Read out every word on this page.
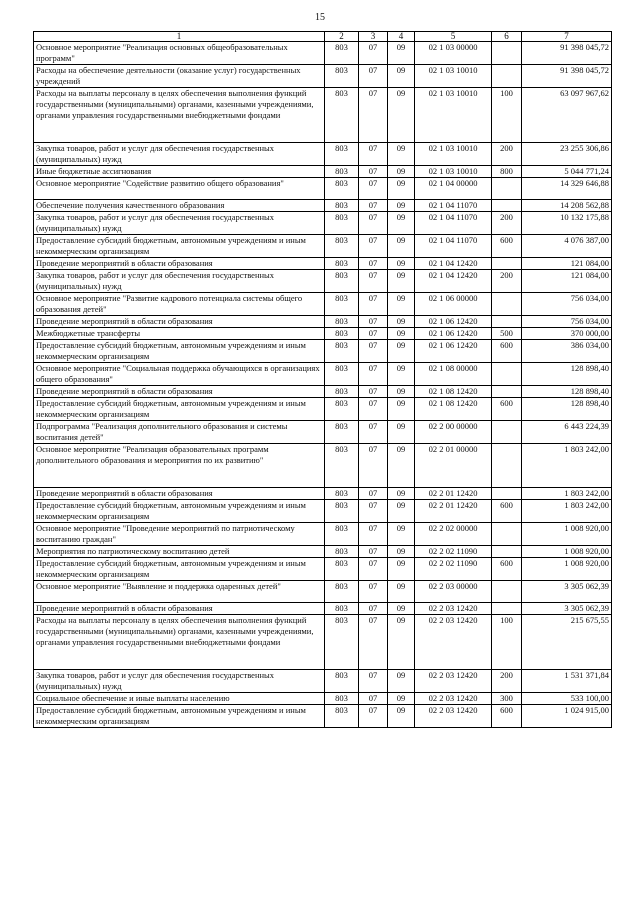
15
1	2	3	4	5	6	7
Основное мероприятие "Реализация основных общеобразовательных программ"	803	07	09	02 1 03 00000		91 398 045,72
Расходы на обеспечение деятельности (оказание услуг) государственных учреждений	803	07	09	02 1 03 10010		91 398 045,72
Расходы на выплаты персоналу в целях обеспечения выполнения функций государственными (муниципальными) органами, казенными учреждениями, органами управления государственными внебюджетными фондами	803	07	09	02 1 03 10010	100	63 097 967,62
Закупка товаров, работ и услуг для обеспечения государственных (муниципальных) нужд	803	07	09	02 1 03 10010	200	23 255 306,86
Иные бюджетные ассигнования	803	07	09	02 1 03 10010	800	5 044 771,24
Основное мероприятие "Содействие развитию общего образования"	803	07	09	02 1 04 00000		14 329 646,88
Обеспечение получения качественного образования	803	07	09	02 1 04 11070		14 208 562,88
Закупка товаров, работ и услуг для обеспечения государственных (муниципальных) нужд	803	07	09	02 1 04 11070	200	10 132 175,88
Предоставление субсидий бюджетным, автономным учреждениям и иным некоммерческим организациям	803	07	09	02 1 04 11070	600	4 076 387,00
Проведение мероприятий в области образования	803	07	09	02 1 04 12420		121 084,00
Закупка товаров, работ и услуг для обеспечения государственных (муниципальных) нужд	803	07	09	02 1 04 12420	200	121 084,00
Основное мероприятие "Развитие кадрового потенциала системы общего образования детей"	803	07	09	02 1 06 00000		756 034,00
Проведение мероприятий в области образования	803	07	09	02 1 06 12420		756 034,00
Межбюджетные трансферты	803	07	09	02 1 06 12420	500	370 000,00
Предоставление субсидий бюджетным, автономным учреждениям и иным некоммерческим организациям	803	07	09	02 1 06 12420	600	386 034,00
Основное мероприятие "Социальная поддержка обучающихся в организациях общего образования"	803	07	09	02 1 08 00000		128 898,40
Проведение мероприятий в области образования	803	07	09	02 1 08 12420		128 898,40
Предоставление субсидий бюджетным, автономным учреждениям и иным некоммерческим организациям	803	07	09	02 1 08 12420	600	128 898,40
Подпрограмма "Реализация дополнительного образования и системы воспитания детей"	803	07	09	02 2 00 00000		6 443 224,39
Основное мероприятие "Реализация образовательных программ дополнительного образования и мероприятия по их развитию"	803	07	09	02 2 01 00000		1 803 242,00
Проведение мероприятий в области образования	803	07	09	02 2 01 12420		1 803 242,00
Предоставление субсидий бюджетным, автономным учреждениям и иным некоммерческим организациям	803	07	09	02 2 01 12420	600	1 803 242,00
Основное мероприятие "Проведение мероприятий по патриотическому воспитанию граждан"	803	07	09	02 2 02 00000		1 008 920,00
Мероприятия по патриотическому воспитанию детей	803	07	09	02 2 02 11090		1 008 920,00
Предоставление субсидий бюджетным, автономным учреждениям и иным некоммерческим организациям	803	07	09	02 2 02 11090	600	1 008 920,00
Основное мероприятие "Выявление и поддержка одаренных детей"	803	07	09	02 2 03 00000		3 305 062,39
Проведение мероприятий в области образования	803	07	09	02 2 03 12420		3 305 062,39
Расходы на выплаты персоналу в целях обеспечения выполнения функций государственными (муниципальными) органами, казенными учреждениями, органами управления государственными внебюджетными фондами	803	07	09	02 2 03 12420	100	215 675,55
Закупка товаров, работ и услуг для обеспечения государственных (муниципальных) нужд	803	07	09	02 2 03 12420	200	1 531 371,84
Социальное обеспечение и иные выплаты населению	803	07	09	02 2 03 12420	300	533 100,00
Предоставление субсидий бюджетным, автономным учреждениям и иным некоммерческим организациям	803	07	09	02 2 03 12420	600	1 024 915,00
